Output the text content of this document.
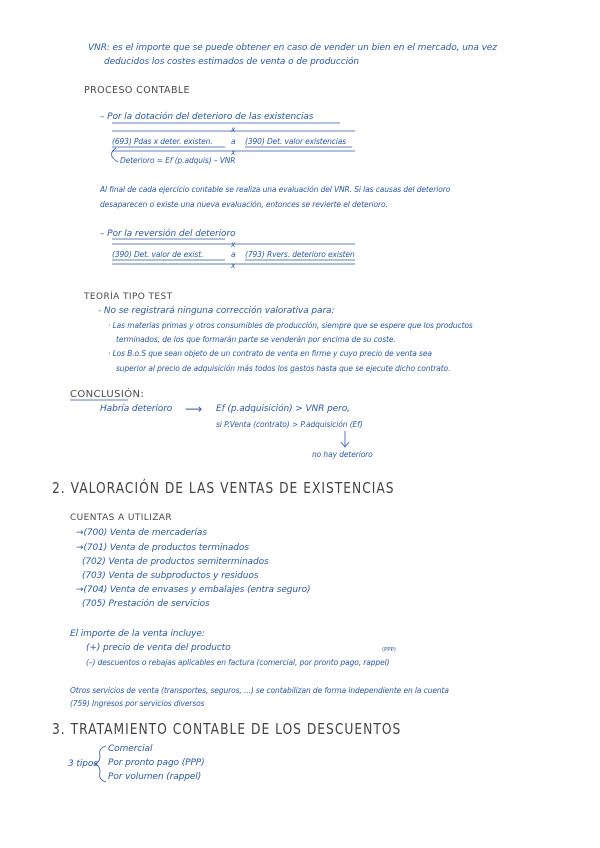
VNR: es el importe que se puede obtener en caso de vender un bien en el mercado, una vez
deducidos los costes estimados de venta o de producción
PROCESO CONTABLE
– Por la dotación del deterioro de las existencias
x
(693) Pdas x deter. existen. a (390) Det. valor existencias
x
Deterioro = Ef (p.adquis) – VNR
Al final de cada ejercicio contable se realiza una evaluación del VNR. Si las causas del deterioro
desaparecen o existe una nueva evaluación, entonces se revierte el deterioro.
– Por la reversión del deterioro
x
(390) Det. valor de exist.	a (793) Rvers. deterioro existen
x
TEORÍA TIPO TEST
- No se registrará ninguna corrección valorativa para:
· Las materias primas y otros consumibles de producción, siempre que se espere que los productos
terminados, de los que formarán parte se venderán por encima de su coste.
· Los B.o.S que sean objeto de un contrato de venta en firme y cuyo precio de venta sea
superior al precio de adquisición más todos los gastos hasta que se ejecute dicho contrato.
CONCLUSIÓN:
Habría deterioro ⟶ Ef (p.adquisición) > VNR pero,
si P.Venta (contrato) > P.adquisición (Ef)
no hay deterioro
2. VALORACIÓN DE LAS VENTAS DE EXISTENCIAS
CUENTAS A UTILIZAR
→(700) Venta de mercaderías
→(701) Venta de productos terminados
(702) Venta de productos semiterminados
(703) Venta de subproductos y residuos
→(704) Venta de envases y embalajes (entra seguro)
(705) Prestación de servicios
El importe de la venta incluye:
(+) precio de venta del producto	(PPP)
(–) descuentos o rebajas aplicables en factura (comercial, por pronto pago, rappel)
Otros servicios de venta (transportes, seguros, ...) se contabilizan de forma independiente en la cuenta
(759) Ingresos por servicios diversos
3. TRATAMIENTO CONTABLE DE LOS DESCUENTOS
3 tipos
Comercial
Por pronto pago (PPP)
Por volumen (rappel)
